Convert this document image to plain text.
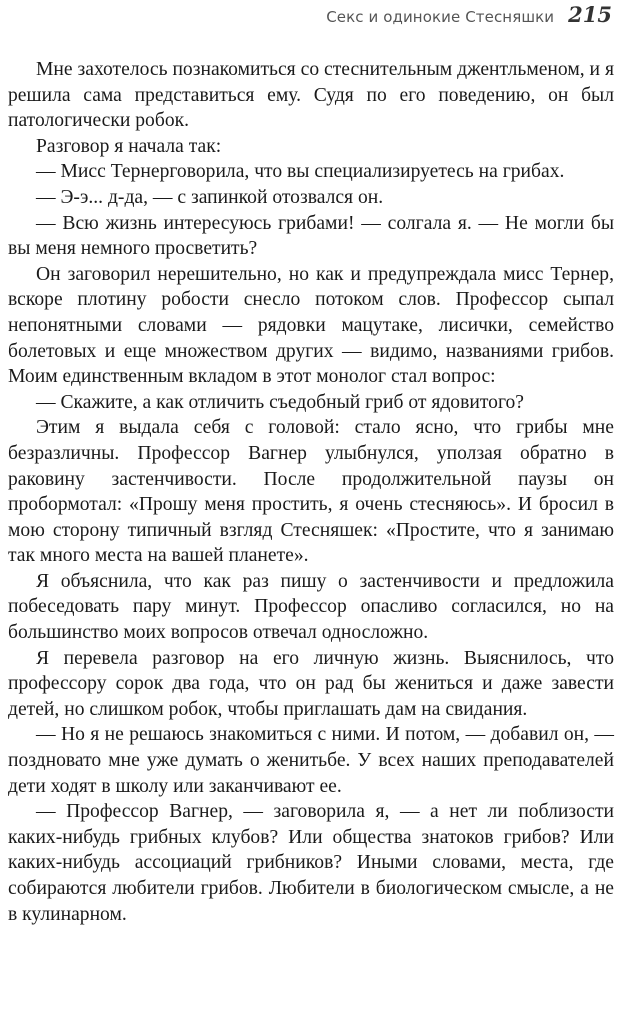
Секс и одинокие Стесняшки 215

Мне захотелось познакомиться со стеснительным джентльменом, и я решила сама представиться ему. Судя по его поведению, он был патологически робок.

Разговор я начала так:

— Мисс Тернерговорила, что вы специализируетесь на грибах.

— Э-э... д-да, — с запинкой отозвался он.

— Всю жизнь интересуюсь грибами! — солгала я. — Не могли бы вы меня немного просветить?

Он заговорил нерешительно, но как и предупреждала мисс Тернер, вскоре плотину робости снесло потоком слов. Профессор сыпал непонятными словами — рядовки мацутаке, лисички, семейство болетовых и еще множеством других — видимо, названиями грибов. Моим единственным вкладом в этот монолог стал вопрос:

— Скажите, а как отличить съедобный гриб от ядовитого?

Этим я выдала себя с головой: стало ясно, что грибы мне безразличны. Профессор Вагнер улыбнулся, уползая обратно в раковину застенчивости. После продолжительной паузы он пробормотал: «Прошу меня простить, я очень стесняюсь». И бросил в мою сторону типичный взгляд Стесняшек: «Простите, что я занимаю так много места на вашей планете».

Я объяснила, что как раз пишу о застенчивости и предложила побеседовать пару минут. Профессор опасливо согласился, но на большинство моих вопросов отвечал односложно.

Я перевела разговор на его личную жизнь. Выяснилось, что профессору сорок два года, что он рад бы жениться и даже завести детей, но слишком робок, чтобы приглашать дам на свидания.

— Но я не решаюсь знакомиться с ними. И потом, — добавил он, — поздновато мне уже думать о женитьбе. У всех наших преподавателей дети ходят в школу или заканчивают ее.

— Профессор Вагнер, — заговорила я, — а нет ли поблизости каких-нибудь грибных клубов? Или общества знатоков грибов? Или каких-нибудь ассоциаций грибников? Иными словами, места, где собираются любители грибов. Любители в биологическом смысле, а не в кулинарном.
